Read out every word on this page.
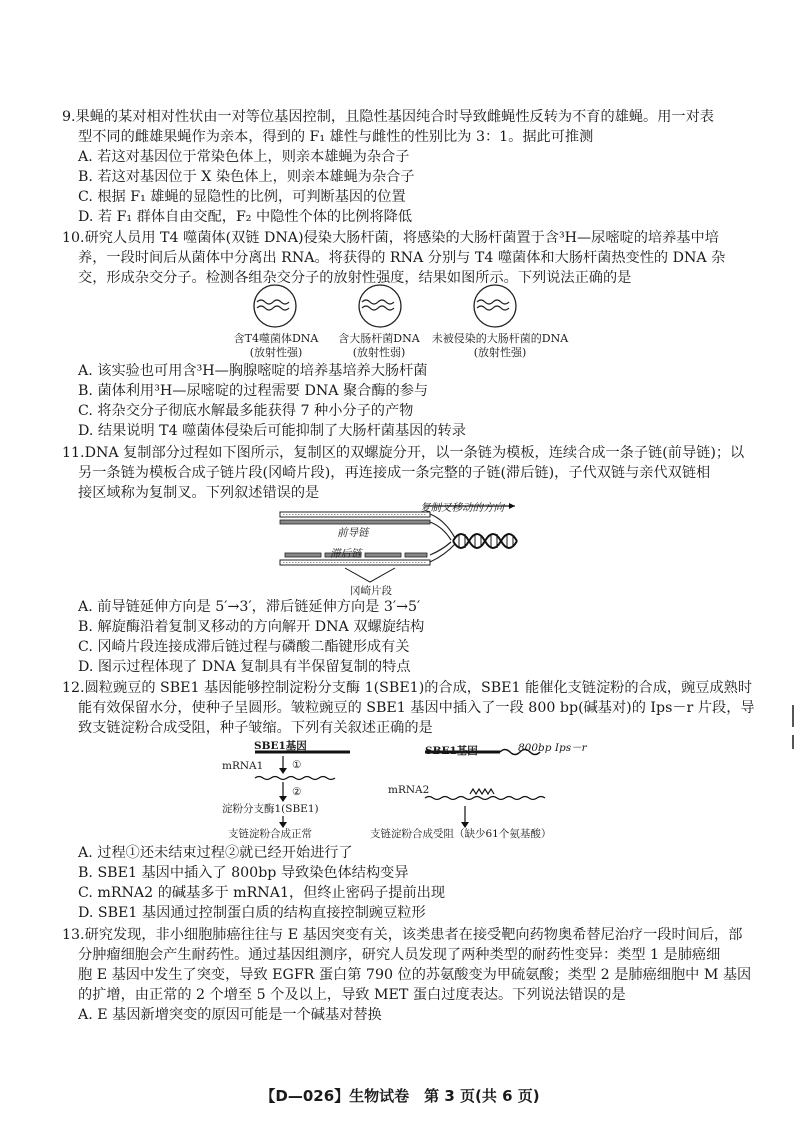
9.果蝇的某对相对性状由一对等位基因控制，且隐性基因纯合时导致雌蝇性反转为不育的雄蝇。用一对表
型不同的雌雄果蝇作为亲本，得到的 F₁ 雄性与雌性的性别比为 3：1。据此可推测
A. 若这对基因位于常染色体上，则亲本雄蝇为杂合子
B. 若这对基因位于 X 染色体上，则亲本雄蝇为杂合子
C. 根据 F₁ 雄蝇的显隐性的比例，可判断基因的位置
D. 若 F₁ 群体自由交配，F₂ 中隐性个体的比例将降低
10.研究人员用 T4 噬菌体(双链 DNA)侵染大肠杆菌，将感染的大肠杆菌置于含³H—尿嘧啶的培养基中培
养，一段时间后从菌体中分离出 RNA。将获得的 RNA 分别与 T4 噬菌体和大肠杆菌热变性的 DNA 杂
交，形成杂交分子。检测各组杂交分子的放射性强度，结果如图所示。下列说法正确的是
含T4噬菌体DNA
(放射性强)
含大肠杆菌DNA
(放射性弱)
未被侵染的大肠杆菌的DNA
(放射性强)
A. 该实验也可用含³H—胸腺嘧啶的培养基培养大肠杆菌
B. 菌体利用³H—尿嘧啶的过程需要 DNA 聚合酶的参与
C. 将杂交分子彻底水解最多能获得 7 种小分子的产物
D. 结果说明 T4 噬菌体侵染后可能抑制了大肠杆菌基因的转录
11.DNA 复制部分过程如下图所示，复制区的双螺旋分开，以一条链为模板，连续合成一条子链(前导链)；以
另一条链为模板合成子链片段(冈崎片段)，再连接成一条完整的子链(滞后链)，子代双链与亲代双链相
接区域称为复制叉。下列叙述错误的是
复制叉移动的方向
前导链
滞后链
冈崎片段
A. 前导链延伸方向是 5′→3′，滞后链延伸方向是 3′→5′
B. 解旋酶沿着复制叉移动的方向解开 DNA 双螺旋结构
C. 冈崎片段连接成滞后链过程与磷酸二酯键形成有关
D. 图示过程体现了 DNA 复制具有半保留复制的特点
12.圆粒豌豆的 SBE1 基因能够控制淀粉分支酶 1(SBE1)的合成，SBE1 能催化支链淀粉的合成，豌豆成熟时
能有效保留水分，使种子呈圆形。皱粒豌豆的 SBE1 基因中插入了一段 800 bp(碱基对)的 Ips－r 片段，导
致支链淀粉合成受阻，种子皱缩。下列有关叙述正确的是
SBE1基因
mRNA1	①
②
淀粉分支酶1(SBE1)
支链淀粉合成正常
SBE1基因	800bp Ips－r
mRNA2
支链淀粉合成受阻（缺少61个氨基酸）
A. 过程①还未结束过程②就已经开始进行了
B. SBE1 基因中插入了 800bp 导致染色体结构变异
C. mRNA2 的碱基多于 mRNA1，但终止密码子提前出现
D. SBE1 基因通过控制蛋白质的结构直接控制豌豆粒形
13.研究发现，非小细胞肺癌往往与 E 基因突变有关，该类患者在接受靶向药物奥希替尼治疗一段时间后，部
分肿瘤细胞会产生耐药性。通过基因组测序，研究人员发现了两种类型的耐药性变异：类型 1 是肺癌细
胞 E 基因中发生了突变，导致 EGFR 蛋白第 790 位的苏氨酸变为甲硫氨酸；类型 2 是肺癌细胞中 M 基因
的扩增，由正常的 2 个增至 5 个及以上，导致 MET 蛋白过度表达。下列说法错误的是
A. E 基因新增突变的原因可能是一个碱基对替换
【D—026】生物试卷　第 3 页(共 6 页)
